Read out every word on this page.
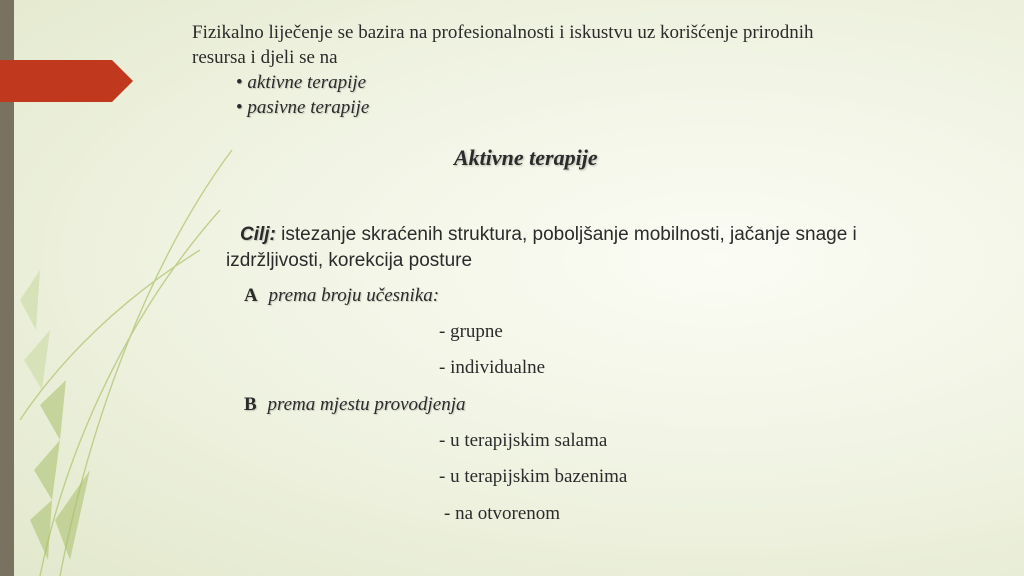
Fizikalno liječenje se bazira na profesionalnosti i iskustvu uz korišćenje prirodnih
resursa i djeli se na
• aktivne terapije
• pasivne terapije
Aktivne terapije
Cilj: istezanje skraćenih struktura, poboljšanje mobilnosti, jačanje snage i
izdržljivosti, korekcija posture
A prema broju učesnika:
- grupne
- individualne
B prema mjestu provodjenja
- u terapijskim salama
- u terapijskim bazenima
- na otvorenom
